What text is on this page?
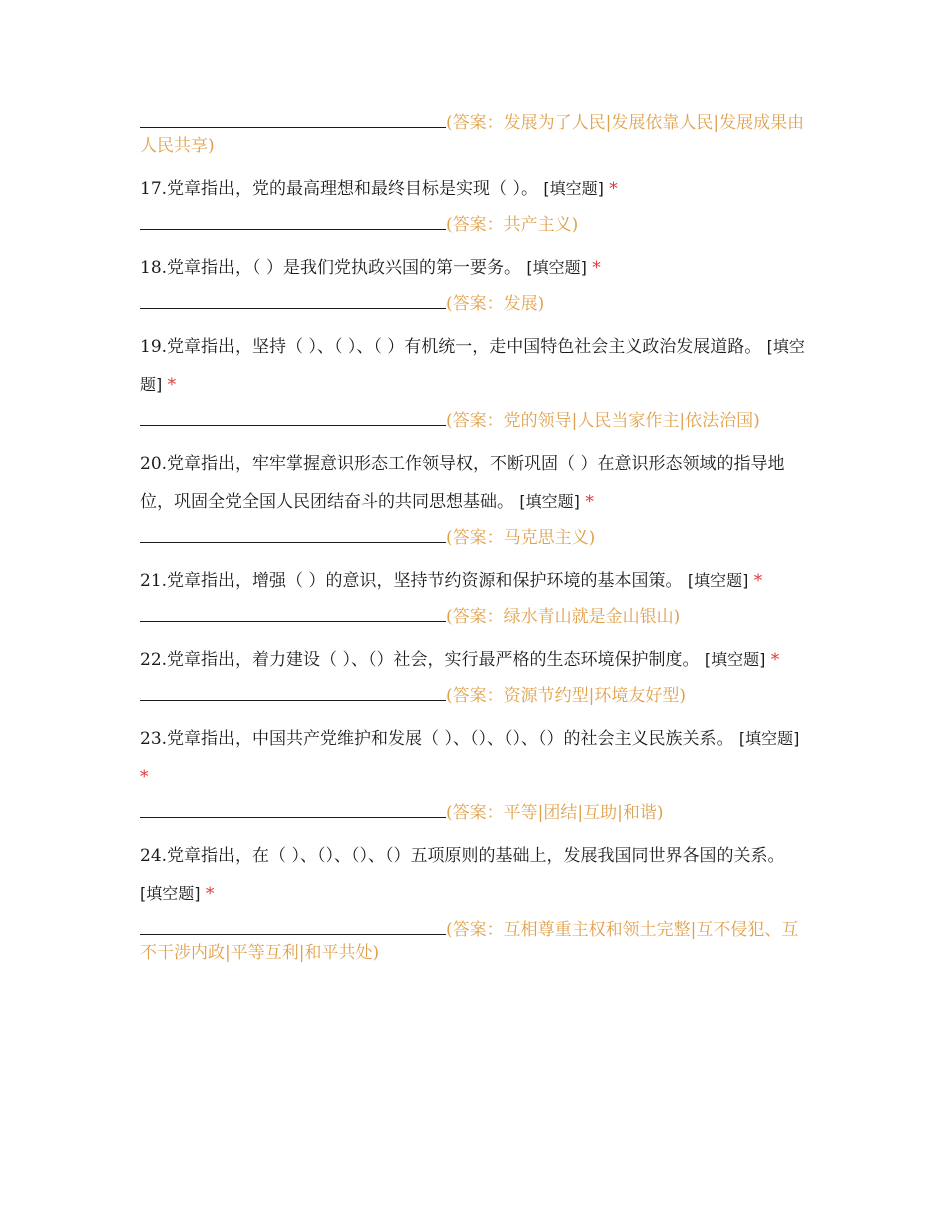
(答案：发展为了人民|发展依靠人民|发展成果由人民共享)
17.党章指出，党的最高理想和最终目标是实现（ ）。 [填空题] *
(答案：共产主义)
18.党章指出，（ ）是我们党执政兴国的第一要务。 [填空题] *
(答案：发展)
19.党章指出，坚持（ ）、（ ）、（ ）有机统一，走中国特色社会主义政治发展道路。 [填空题] *
(答案：党的领导|人民当家作主|依法治国)
20.党章指出，牢牢掌握意识形态工作领导权，不断巩固（ ）在意识形态领域的指导地位，巩固全党全国人民团结奋斗的共同思想基础。 [填空题] *
(答案：马克思主义)
21.党章指出，增强（ ）的意识，坚持节约资源和保护环境的基本国策。 [填空题] *
(答案：绿水青山就是金山银山)
22.党章指出，着力建设（ ）、（）社会，实行最严格的生态环境保护制度。 [填空题] *
(答案：资源节约型|环境友好型)
23.党章指出，中国共产党维护和发展（ ）、（）、（）、（）的社会主义民族关系。 [填空题] *
(答案：平等|团结|互助|和谐)
24.党章指出，在（ ）、（）、（）、（）五项原则的基础上，发展我国同世界各国的关系。 [填空题] *
(答案：互相尊重主权和领土完整|互不侵犯、互不干涉内政|平等互利|和平共处)
